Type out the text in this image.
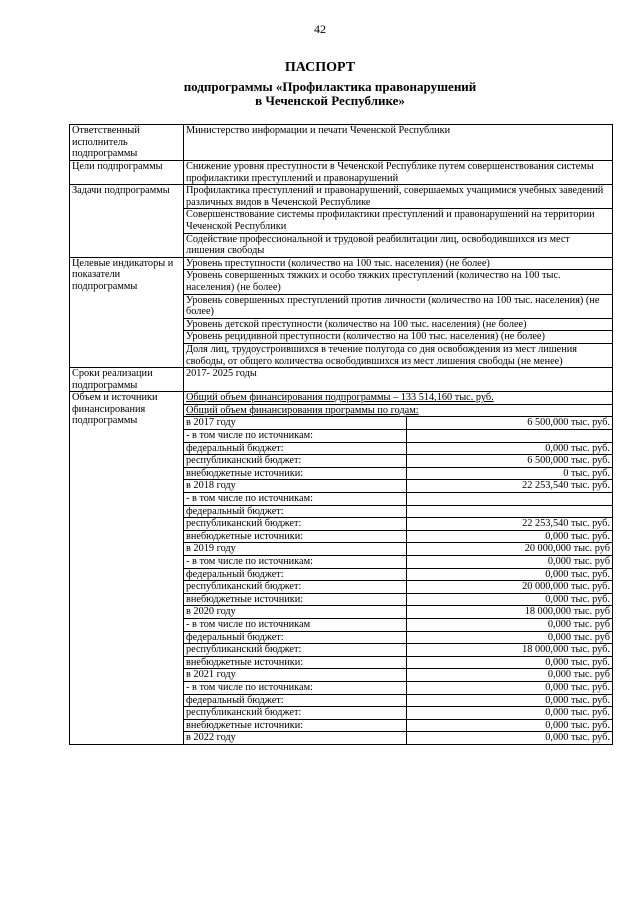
42
ПАСПОРТ
подпрограммы «Профилактика правонарушений
в Чеченской Республике»
Ответственный исполнитель подпрограммы	Министерство информации и печати Чеченской Республики	
Цели подпрограммы	Снижение уровня преступности в Чеченской Республике путем совершенствования системы профилактики преступлений и правонарушений	
Задачи подпрограммы	Профилактика преступлений и правонарушений, совершаемых учащимися учебных заведений различных видов в Чеченской Республике	
	Совершенствование системы профилактики преступлений и правонарушений на территории Чеченской Республики	
	Содействие профессиональной и трудовой реабилитации лиц, освободившихся из мест лишения свободы	
Целевые индикаторы и показатели подпрограммы	Уровень преступности (количество на 100 тыс. населения) (не более)	
	Уровень совершенных тяжких и особо тяжких преступлений (количество на 100 тыс. населения) (не более)	
	Уровень совершенных преступлений против личности (количество на 100 тыс. населения) (не более)	
	Уровень детской преступности (количество на 100 тыс. населения) (не более)	
	Уровень рецидивной преступности (количество на 100 тыс. населения) (не более)	
	Доля лиц, трудоустроившихся в течение полугода со дня освобождения из мест лишения свободы, от общего количества освободившихся из мест лишения свободы (не менее)	
Сроки реализации подпрограммы	2017- 2025 годы	
Объем и источники финансирования подпрограммы	Общий объем финансирования подпрограммы – 133 514,160 тыс. руб.	
	Общий объем финансирования программы по годам:	
	в 2017 году	6 500,000 тыс. руб.
	- в том числе по источникам:	
	федеральный бюджет:	0,000 тыс. руб.
	республиканский бюджет:	6 500,000 тыс. руб.
	внебюджетные источники:	0 тыс. руб.
	в 2018 году	22 253,540 тыс. руб.
	- в том числе по источникам:	
	федеральный бюджет:	
	республиканский бюджет:	22 253,540 тыс. руб.
	внебюджетные источники:	0,000 тыс. руб.
	в 2019 году	20 000,000 тыс. руб
	- в том числе по источникам:	0,000 тыс. руб
	федеральный бюджет:	0,000 тыс. руб.
	республиканский бюджет:	20 000,000 тыс. руб.
	внебюджетные источники:	0,000 тыс. руб.
	в 2020 году	18 000,000 тыс. руб
	- в том числе по источникам	0,000 тыс. руб
	федеральный бюджет:	0,000 тыс. руб
	республиканский бюджет:	18 000,000 тыс. руб.
	внебюджетные источники:	0,000 тыс. руб.
	в 2021 году	0,000 тыс. руб
	- в том числе по источникам:	0,000 тыс. руб.
	федеральный бюджет:	0,000 тыс. руб.
	республиканский бюджет:	0,000 тыс. руб.
	внебюджетные источники:	0,000 тыс. руб.
	в 2022 году	0,000 тыс. руб.
